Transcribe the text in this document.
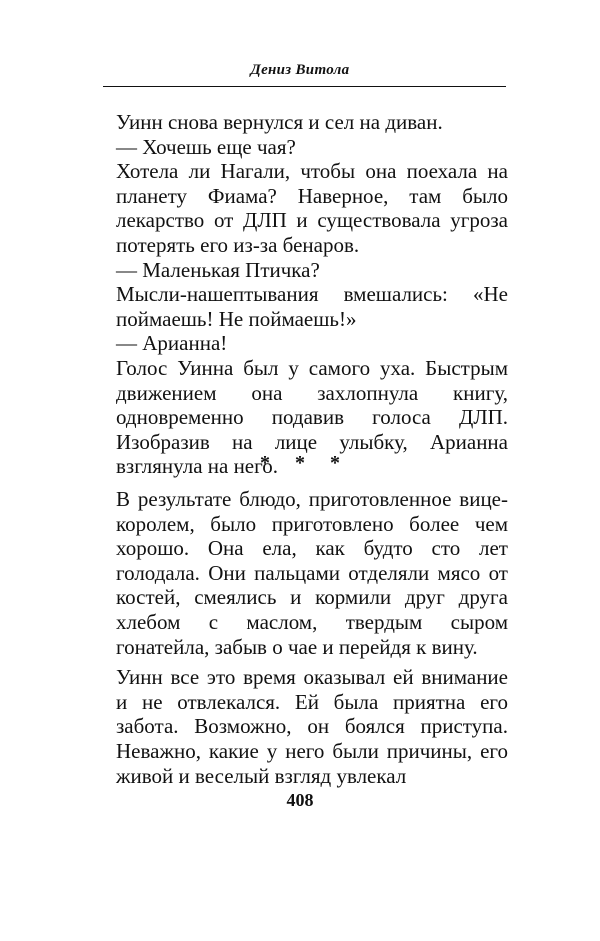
Дениз Витола

Уинн снова вернулся и сел на диван.

— Хочешь еще чая?

Хотела ли Нагали, чтобы она поехала на планету Фиама? Наверное, там было лекарство от ДЛП и существовала угроза потерять его из-за бенаров.

— Маленькая Птичка?

Мысли-нашептывания вмешались: «Не поймаешь! Не поймаешь!»

— Арианна!

Голос Уинна был у самого уха. Быстрым движением она захлопнула книгу, одновременно подавив голоса ДЛП. Изобразив на лице улыбку, Арианна взглянула на него.

* * *

В результате блюдо, приготовленное вице-королем, было приготовлено более чем хорошо. Она ела, как будто сто лет голодала. Они пальцами отделяли мясо от костей, смеялись и кормили друг друга хлебом с маслом, твердым сыром гонатейла, забыв о чае и перейдя к вину.

Уинн все это время оказывал ей внимание и не отвлекался. Ей была приятна его забота. Возможно, он боялся приступа. Неважно, какие у него были причины, его живой и веселый взгляд увлекал

408
